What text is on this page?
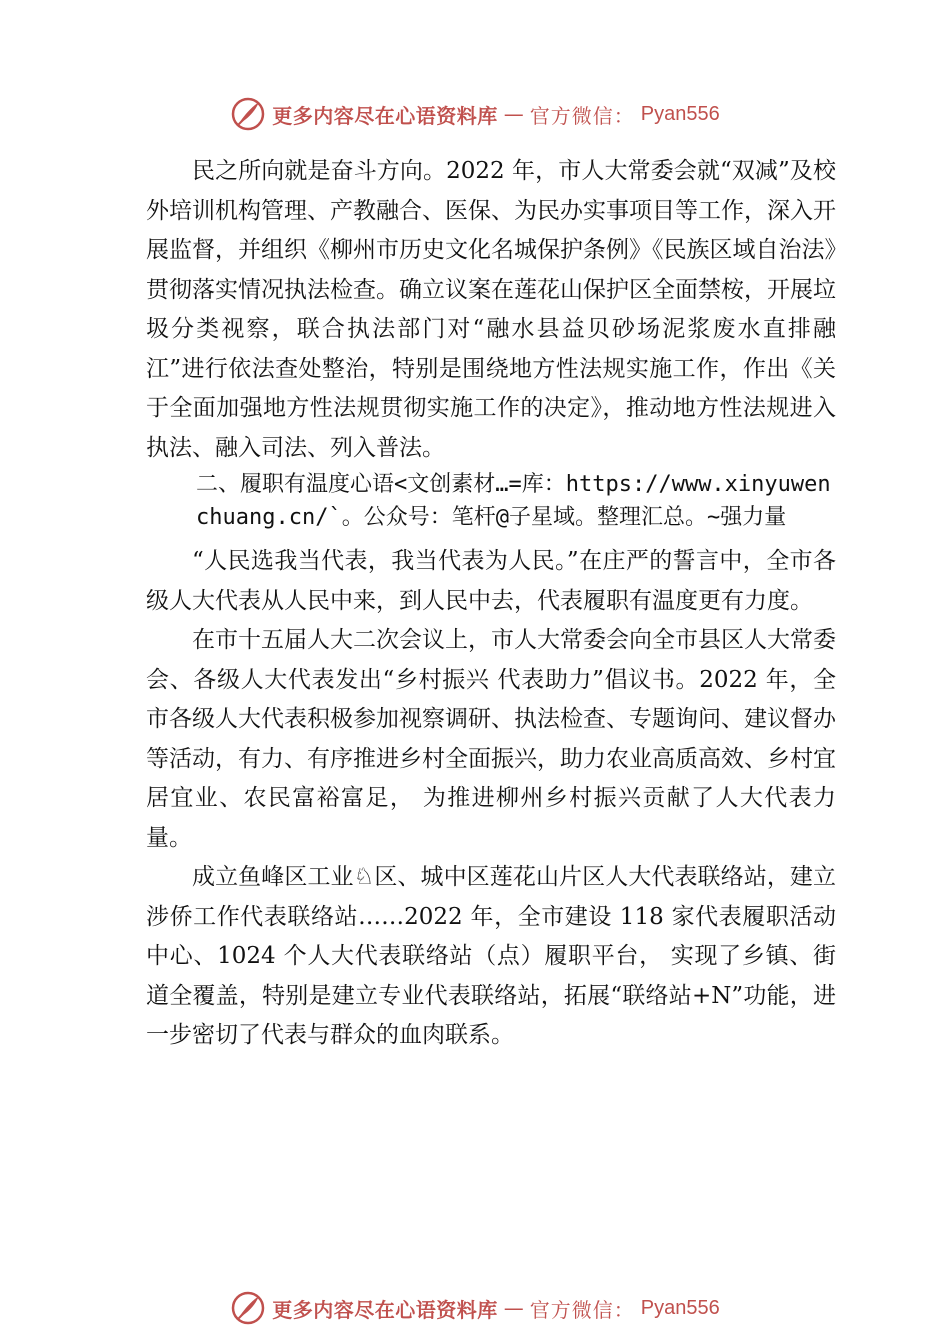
更多内容尽在心语资料库 — 官方微信： Pyan556

民之所向就是奋斗方向。2022 年，市人大常委会就“双减”及校外培训机构管理、产教融合、医保、为民办实事项目等工作，深入开展监督，并组织《柳州市历史文化名城保护条例》《民族区域自治法》贯彻落实情况执法检查。确立议案在莲花山保护区全面禁桉，开展垃圾分类视察，联合执法部门对“融水县益贝砂场泥浆废水直排融江”进行依法查处整治，特别是围绕地方性法规实施工作，作出《关于全面加强地方性法规贯彻实施工作的决定》，推动地方性法规进入 执法、融入司法、列入普法。

二、履职有温度心语<文创素材…=库：https://www.xinyuwenchuang.cn/`。公众号：笔杆@子星域。整理汇总。~强力量

“人民选我当代表，我当代表为人民。”在庄严的誓言中，全市各级人大代表从人民中来，到人民中去，代表履职有温度更有力度。

在市十五届人大二次会议上，市人大常委会向全市县区人大常委会、各级人大代表发出“乡村振兴 代表助力”倡议书。2022 年，全市各级人大代表积极参加视察调研、执法检查、专题询问、建议督办等活动，有力、有序推进乡村全面振兴，助力农业高质高效、乡村宜居宜业、农民富裕富足， 为推进柳州乡村振兴贡献了人大代表力量。

成立鱼峰区工业♘区、城中区莲花山片区人大代表联络站，建立涉侨工作代表联络站……2022 年，全市建设 118 家代表履职活动中心、1024 个人大代表联络站（点）履职平台， 实现了乡镇、街道全覆盖，特别是建立专业代表联络站，拓展“联络站+N”功能，进一步密切了代表与群众的血肉联系。

更多内容尽在心语资料库 — 官方微信： Pyan556
